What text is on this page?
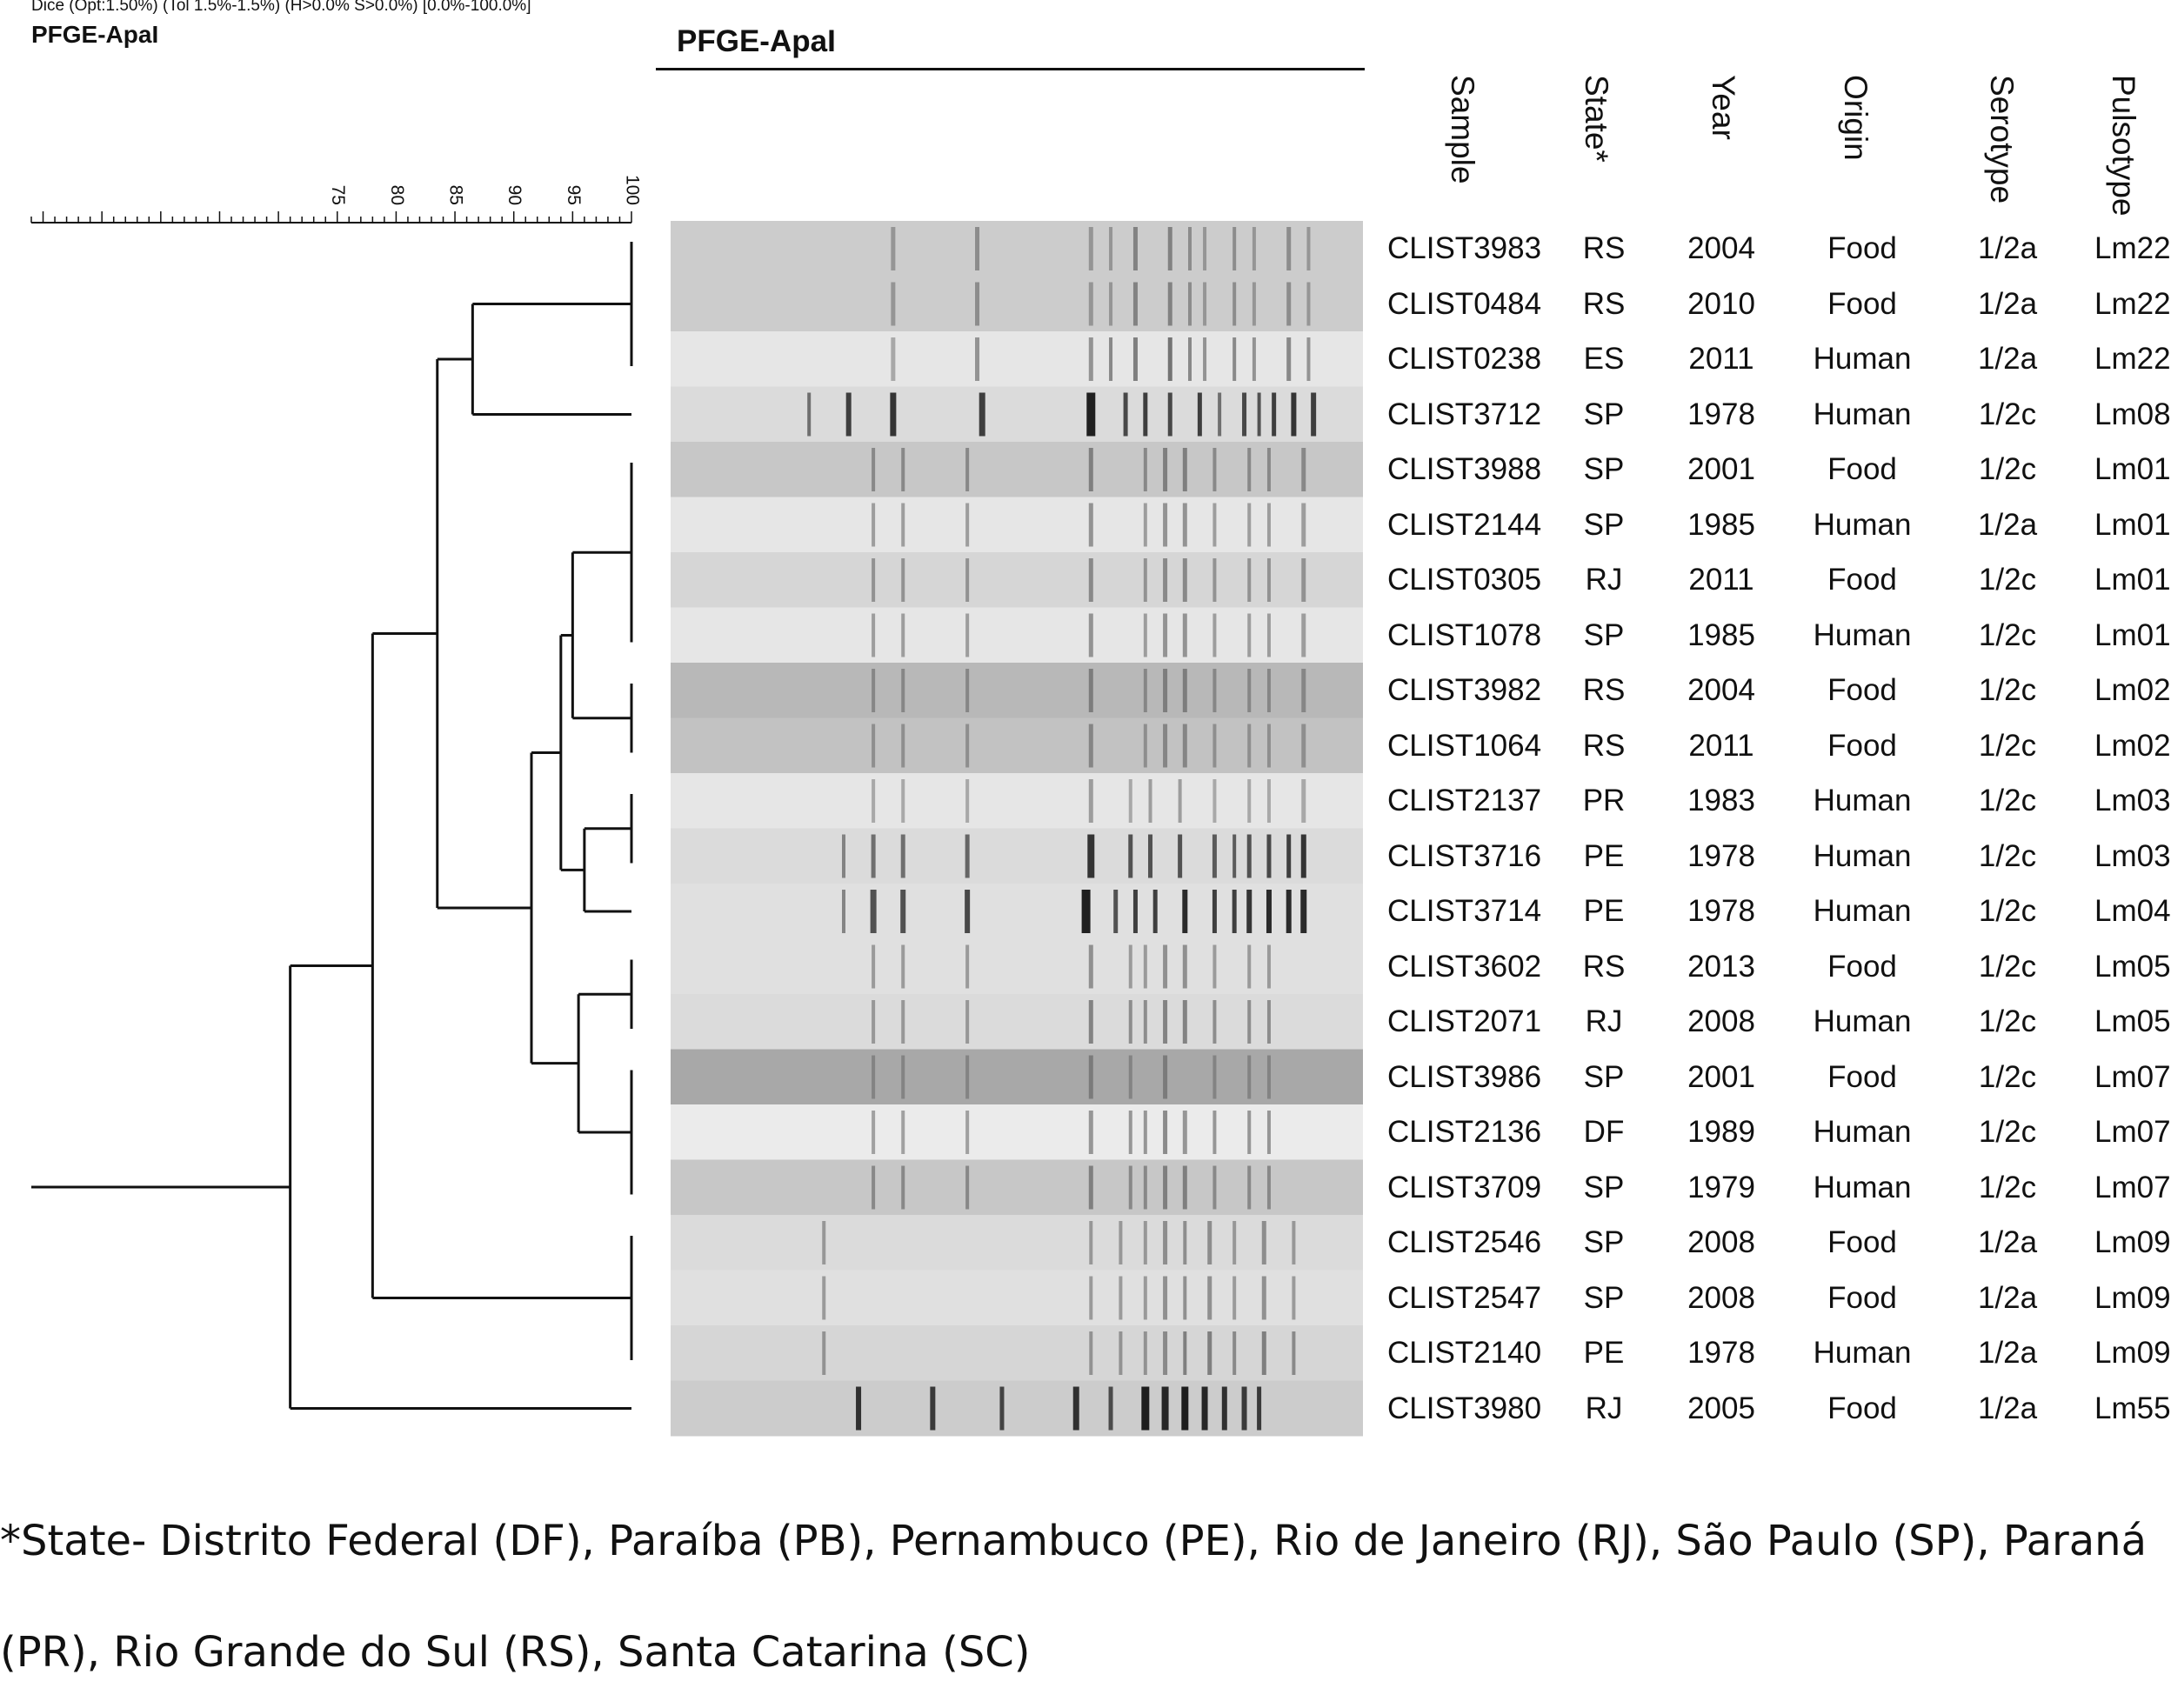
Dice (Opt:1.50%) (Tol 1.5%-1.5%) (H>0.0% S>0.0%) [0.0%-100.0%]
PFGE-ApaI	PFGE-ApaI
75 80 85 90 95 100
Sample	State*	Year	Origin	Serotype	Pulsotype
CLIST3983 RS 2004	Food	1/2a Lm22
CLIST0484 RS 2010	Food	1/2a Lm22
CLIST0238 ES 2011 Human 1/2a Lm22
CLIST3712 SP 1978 Human	1/2c	Lm08
CLIST3988 SP 2001	Food	1/2c	Lm01
CLIST2144 SP 1985 Human 1/2a Lm01
CLIST0305 RJ 2011	Food	1/2c	Lm01
CLIST1078 SP 1985 Human	1/2c	Lm01
CLIST3982 RS 2004	Food	1/2c	Lm02
CLIST1064 RS 2011	Food	1/2c	Lm02
CLIST2137 PR 1983 Human	1/2c	Lm03
CLIST3716 PE 1978 Human	1/2c	Lm03
CLIST3714 PE 1978 Human	1/2c	Lm04
CLIST3602 RS 2013	Food	1/2c	Lm05
CLIST2071 RJ 2008 Human	1/2c	Lm05
CLIST3986 SP 2001	Food	1/2c	Lm07
CLIST2136 DF 1989 Human	1/2c	Lm07
CLIST3709 SP 1979 Human	1/2c	Lm07
CLIST2546 SP 2008	Food	1/2a Lm09
CLIST2547 SP 2008	Food	1/2a Lm09
CLIST2140 PE 1978 Human 1/2a Lm09
CLIST3980 RJ 2005	Food	1/2a Lm55
*State- Distrito Federal (DF), Paraíba (PB), Pernambuco (PE), Rio de Janeiro (RJ), São Paulo (SP), Paraná
(PR), Rio Grande do Sul (RS), Santa Catarina (SC)
